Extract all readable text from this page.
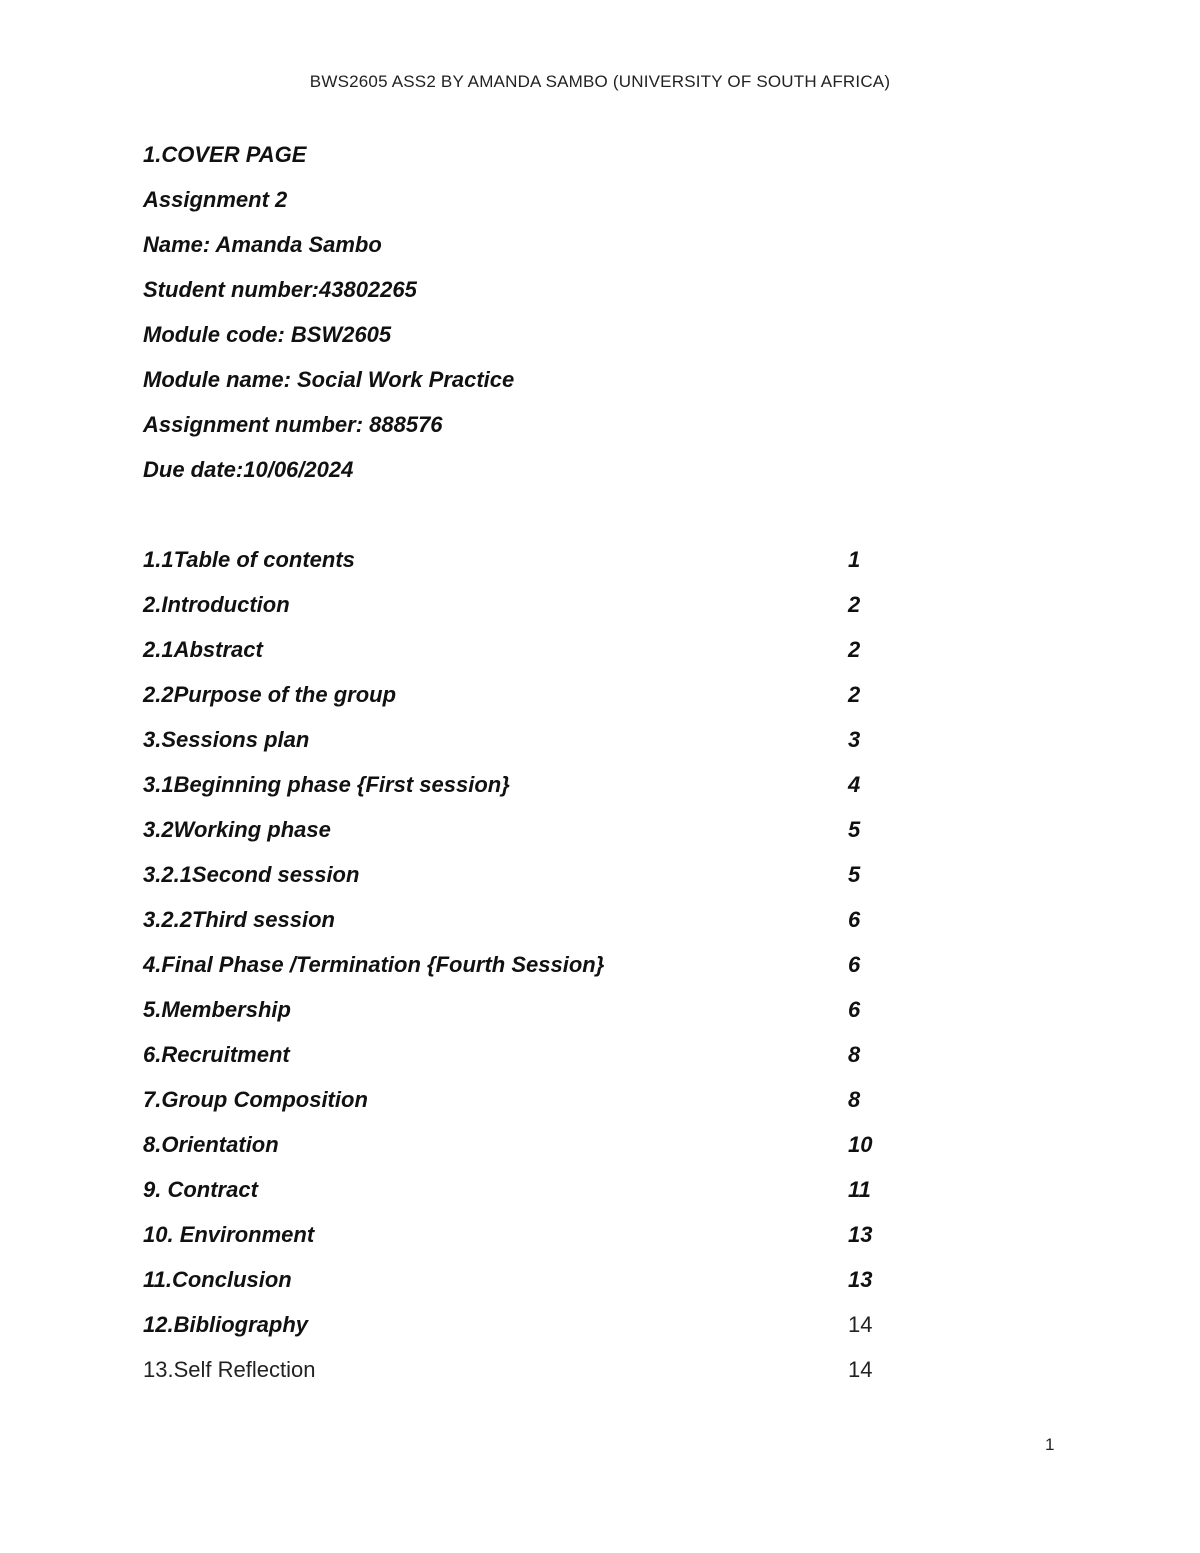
BWS2605 ASS2 BY AMANDA SAMBO (UNIVERSITY OF SOUTH AFRICA)
1.COVER PAGE
Assignment 2
Name: Amanda Sambo
Student number:43802265
Module code: BSW2605
Module name: Social Work Practice
Assignment number: 888576
Due date:10/06/2024
1.1Table of contents	1
2.Introduction	2
2.1Abstract	2
2.2Purpose of the group	2
3.Sessions plan	3
3.1Beginning phase {First session}	4
3.2Working phase	5
3.2.1Second session	5
3.2.2Third session	6
4.Final Phase /Termination {Fourth Session}	6
5.Membership	6
6.Recruitment	8
7.Group Composition	8
8.Orientation	10
9. Contract	11
10. Environment	13
11.Conclusion	13
12.Bibliography	14
13.Self Reflection	14
1
